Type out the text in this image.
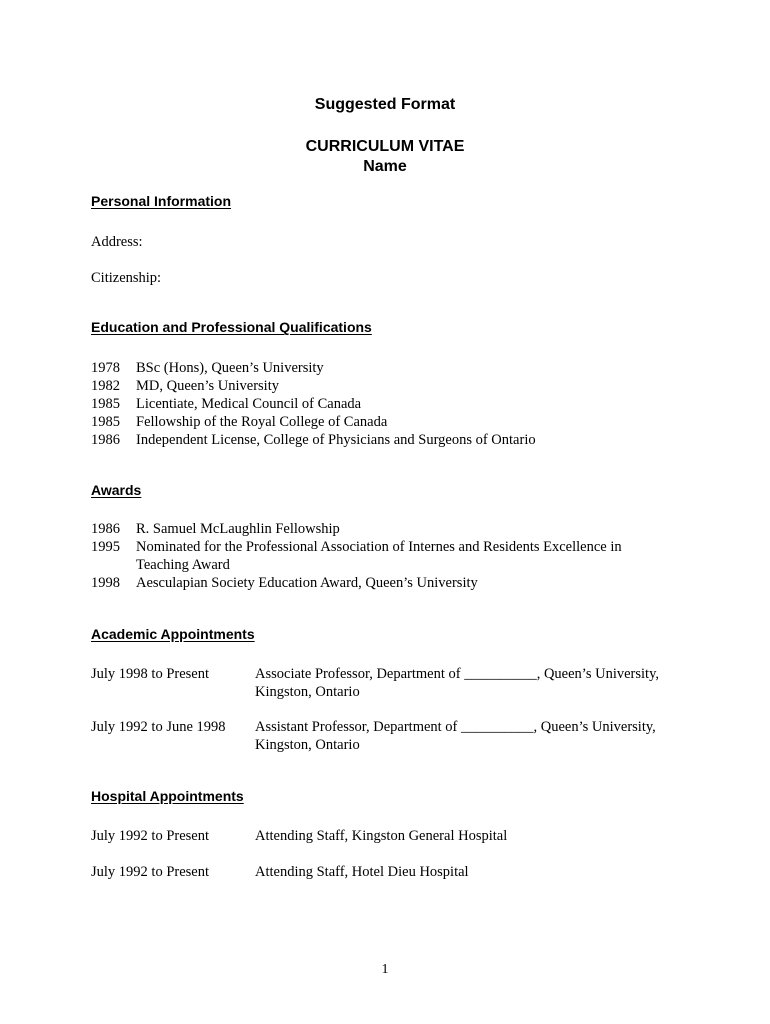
Suggested Format
CURRICULUM VITAE
Name
Personal Information
Address:
Citizenship:
Education and Professional Qualifications
1978	BSc (Hons), Queen’s University
1982	MD, Queen’s University
1985	Licentiate, Medical Council of Canada
1985	Fellowship of the Royal College of Canada
1986	Independent License, College of Physicians and Surgeons of Ontario
Awards
1986	R. Samuel McLaughlin Fellowship
1995	Nominated for the Professional Association of Internes and Residents Excellence in Teaching Award
1998	Aesculapian Society Education Award, Queen’s University
Academic Appointments
July 1998 to Present	Associate Professor, Department of __________, Queen’s University, Kingston, Ontario
July 1992 to June 1998	Assistant Professor, Department of __________, Queen’s University, Kingston, Ontario
Hospital Appointments
July 1992 to Present	Attending Staff, Kingston General Hospital
July 1992 to Present	Attending Staff, Hotel Dieu Hospital
1
